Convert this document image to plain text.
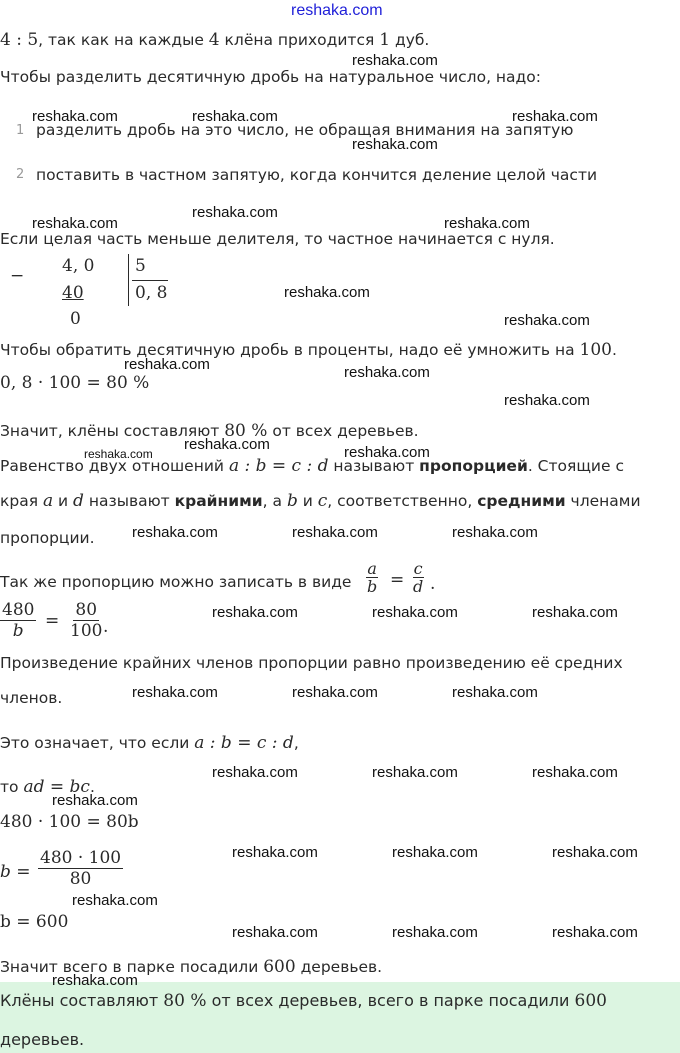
reshaka.com
4 : 5, так как на каждые 4 клёна приходится 1 дуб.
Чтобы разделить десятичную дробь на натуральное число, надо:
1 разделить дробь на это число, не обращая внимания на запятую
2 поставить в частном запятую, когда кончится деление целой части
Если целая часть меньше делителя, то частное начинается с нуля.
− 4, 0
40
0
5
0, 8
Чтобы обратить десятичную дробь в проценты, надо её умножить на 100.
0, 8 · 100 = 80 %
Значит, клёны составляют 80 % от всех деревьев.
Равенство двух отношений a : b = c : d называют пропорцией. Стоящие с
края a и d называют крайними, а b и c, соответственно, средними членами
пропорции.
Так же пропорцию можно записать в виде $\frac{a}{b} = \frac{c}{d}$ .
$\frac{480}{b} = \frac{80}{100}$
.
Произведение крайних членов пропорции равно произведению её средних
членов.
Это означает, что если a : b = c : d,
то ad = bc.
480 · 100 = 80b
$b = \frac{480 \cdot 100}{80}$
b = 600
Значит всего в парке посадили 600 деревьев.
Клёны составляют 80 % от всех деревьев, всего в парке посадили 600
деревьев.
reshaka.com
reshaka.com	reshaka.com	reshaka.com
reshaka.com
reshaka.com
reshaka.com	reshaka.com
reshaka.com
reshaka.com
reshaka.com	reshaka.com
reshaka.com
reshaka.com
reshaka.com	reshaka.com
reshaka.com	reshaka.com	reshaka.com
reshaka.com	reshaka.com	reshaka.com
reshaka.com	reshaka.com	reshaka.com
reshaka.com	reshaka.com	reshaka.com
reshaka.com
reshaka.com	reshaka.com	reshaka.com
reshaka.com
reshaka.com	reshaka.com	reshaka.com
reshaka.com
